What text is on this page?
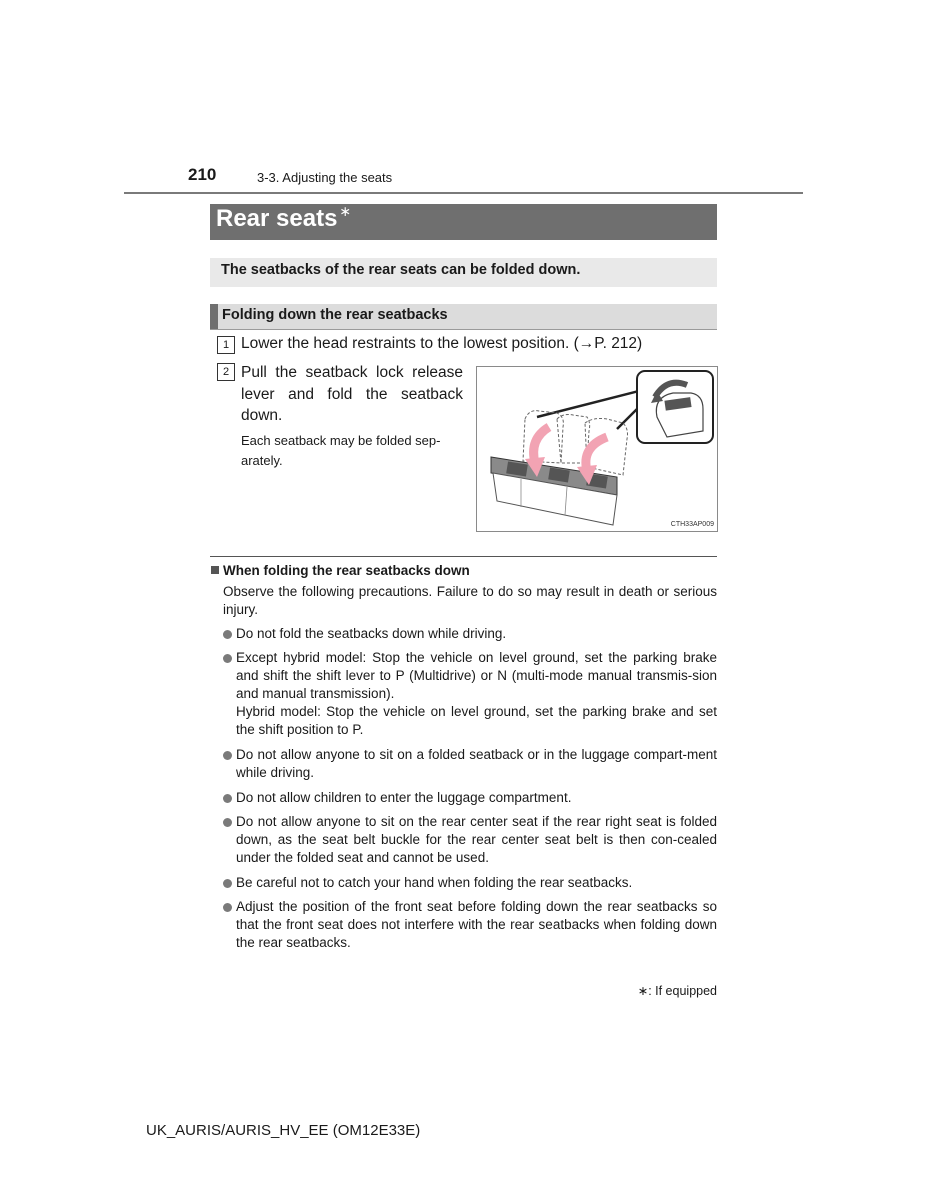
210	3-3. Adjusting the seats
Rear seats ∗
The seatbacks of the rear seats can be folded down.
Folding down the rear seatbacks
1 Lower the head restraints to the lowest position. (→P. 212)
2 Pull the seatback lock release lever and fold the seatback down.
Each seatback may be folded sep-arately.
CTH33AP009
When folding the rear seatbacks down
Observe the following precautions. Failure to do so may result in death or serious injury.
Do not fold the seatbacks down while driving.
Except hybrid model: Stop the vehicle on level ground, set the parking brake and shift the shift lever to P (Multidrive) or N (multi-mode manual transmis-sion and manual transmission).
Hybrid model: Stop the vehicle on level ground, set the parking brake and set the shift position to P.
Do not allow anyone to sit on a folded seatback or in the luggage compart-ment while driving.
Do not allow children to enter the luggage compartment.
Do not allow anyone to sit on the rear center seat if the rear right seat is folded down, as the seat belt buckle for the rear center seat belt is then con-cealed under the folded seat and cannot be used.
Be careful not to catch your hand when folding the rear seatbacks.
Adjust the position of the front seat before folding down the rear seatbacks so that the front seat does not interfere with the rear seatbacks when folding down the rear seatbacks.
∗: If equipped
UK_AURIS/AURIS_HV_EE (OM12E33E)
